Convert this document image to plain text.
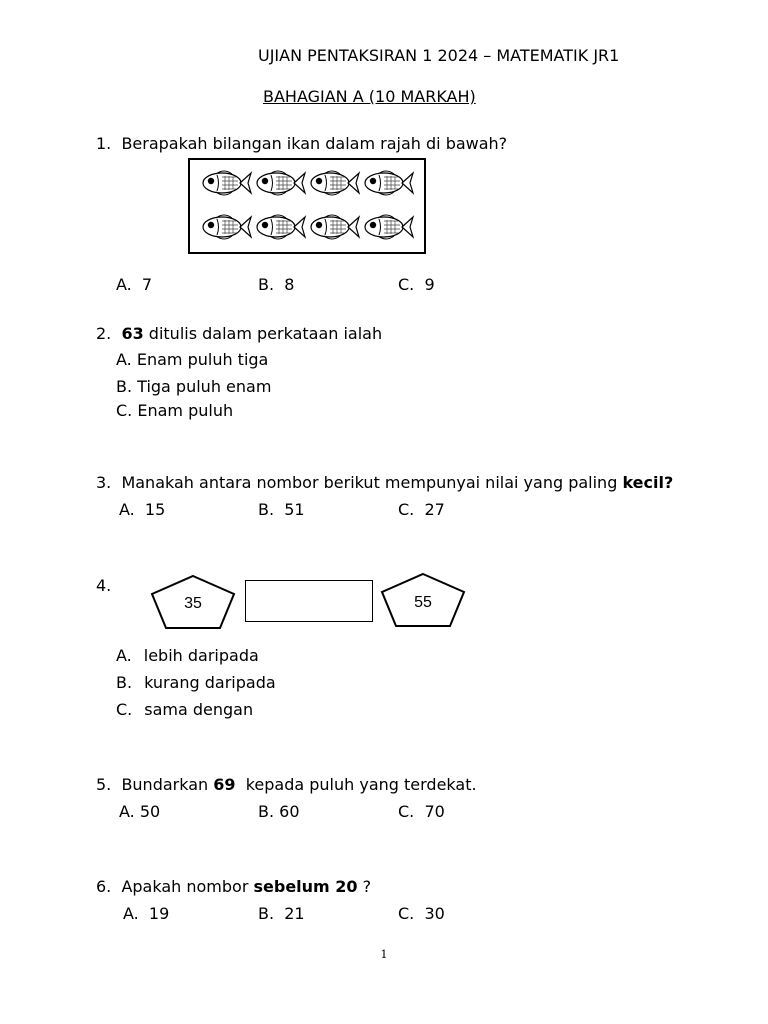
UJIAN PENTAKSIRAN 1 2024 – MATEMATIK JR1
BAHAGIAN A (10 MARKAH)
1. Berapakah bilangan ikan dalam rajah di bawah?
A. 7	B. 8	C. 9
2. 63 ditulis dalam perkataan ialah
A. Enam puluh tiga
B. Tiga puluh enam
C. Enam puluh
3. Manakah antara nombor berikut mempunyai nilai yang paling kecil?
A. 15	B. 51	C. 27
4.
35	55
A. lebih daripada
B. kurang daripada
C. sama dengan
5. Bundarkan 69 kepada puluh yang terdekat.
A. 50	B. 60	C. 70
6. Apakah nombor sebelum 20 ?
A. 19	B. 21	C. 30
1
